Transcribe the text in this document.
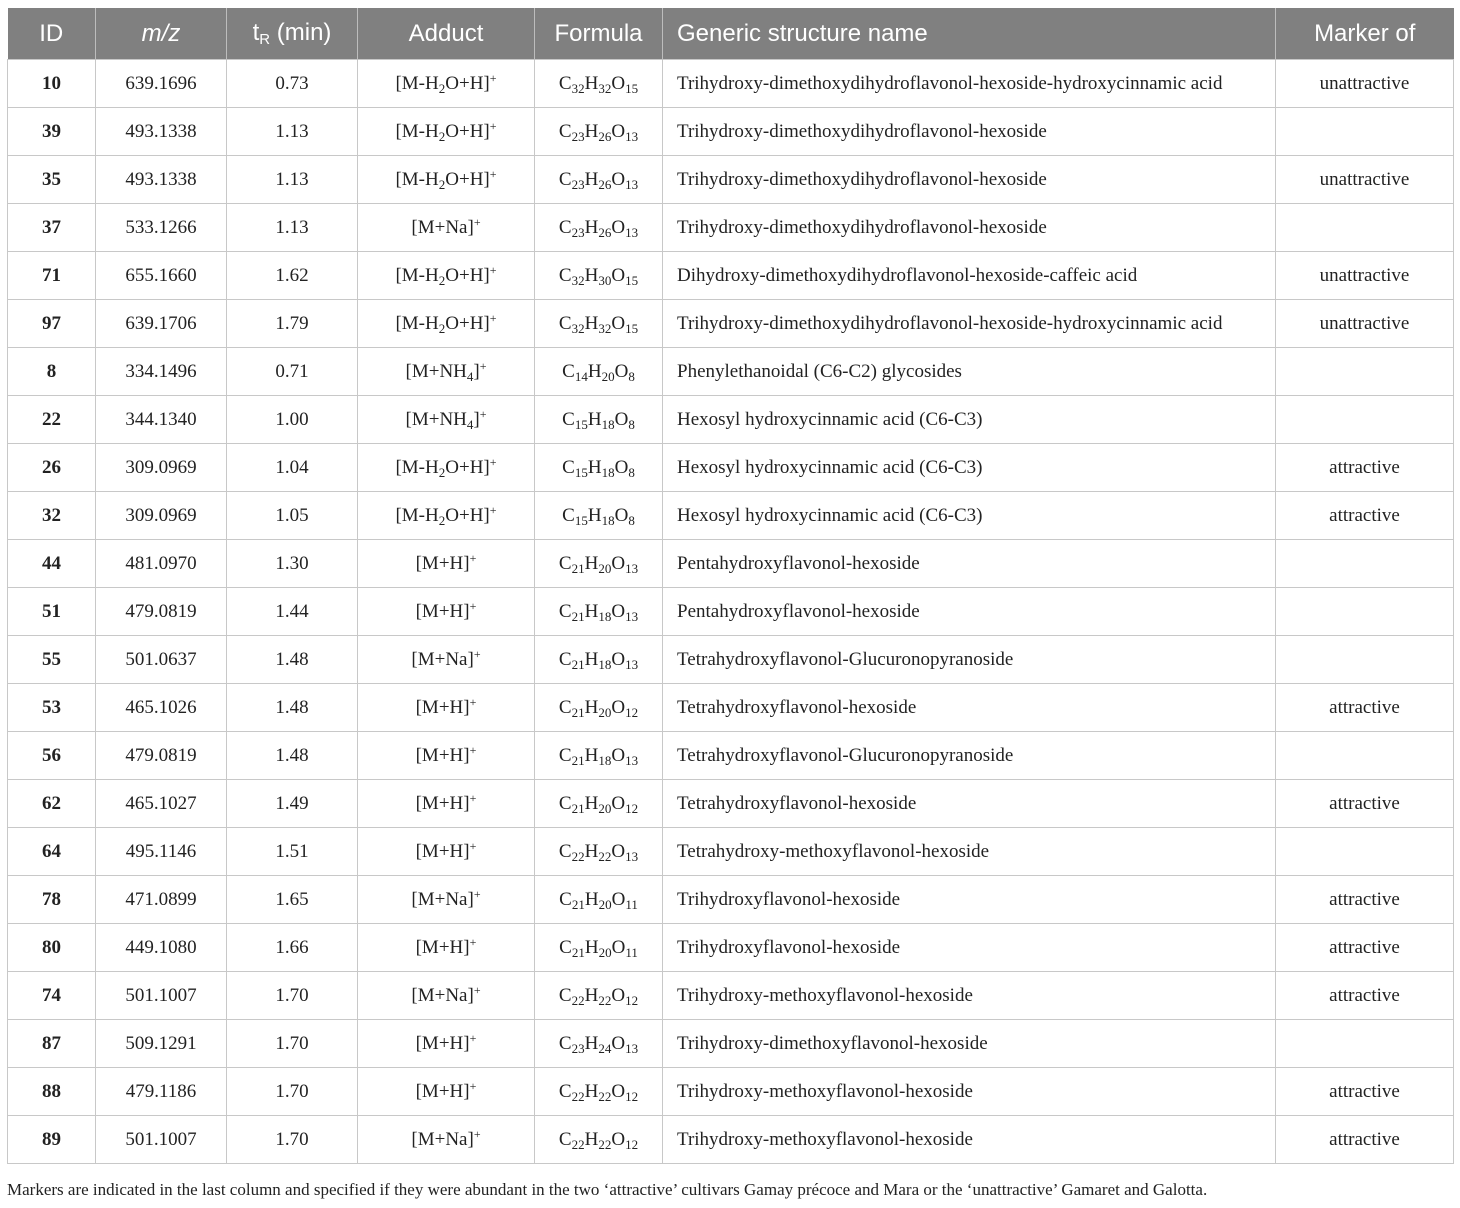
ID	m/z	$t_R$ (min)	Adduct	Formula	Generic structure name	Marker of
10	639.1696	0.73	$[M-H_2O+H]^+$	$C_{32}H_{32}O_{15}$	Trihydroxy-dimethoxydihydroflavonol-hexoside-hydroxycinnamic acid	unattractive
39	493.1338	1.13	$[M-H_2O+H]^+$	$C_{23}H_{26}O_{13}$	Trihydroxy-dimethoxydihydroflavonol-hexoside	
35	493.1338	1.13	$[M-H_2O+H]^+$	$C_{23}H_{26}O_{13}$	Trihydroxy-dimethoxydihydroflavonol-hexoside	unattractive
37	533.1266	1.13	[M+Na]+	$C_{23}H_{26}O_{13}$	Trihydroxy-dimethoxydihydroflavonol-hexoside	
71	655.1660	1.62	$[M-H_2O+H]^+$	$C_{32}H_{30}O_{15}$	Dihydroxy-dimethoxydihydroflavonol-hexoside-caffeic acid	unattractive
97	639.1706	1.79	$[M-H_2O+H]^+$	$C_{32}H_{32}O_{15}$	Trihydroxy-dimethoxydihydroflavonol-hexoside-hydroxycinnamic acid	unattractive
8	334.1496	0.71	$[M+NH_4]^+$	$C_{14}H_{20}O_8$	Phenylethanoidal (C6-C2) glycosides	
22	344.1340	1.00	$[M+NH_4]^+$	$C_{15}H_{18}O_8$	Hexosyl hydroxycinnamic acid (C6-C3)	
26	309.0969	1.04	$[M-H_2O+H]^+$	$C_{15}H_{18}O_8$	Hexosyl hydroxycinnamic acid (C6-C3)	attractive
32	309.0969	1.05	$[M-H_2O+H]^+$	$C_{15}H_{18}O_8$	Hexosyl hydroxycinnamic acid (C6-C3)	attractive
44	481.0970	1.30	[M+H]+	$C_{21}H_{20}O_{13}$	Pentahydroxyflavonol-hexoside	
51	479.0819	1.44	[M+H]+	$C_{21}H_{18}O_{13}$	Pentahydroxyflavonol-hexoside	
55	501.0637	1.48	[M+Na]+	$C_{21}H_{18}O_{13}$	Tetrahydroxyflavonol-Glucuronopyranoside	
53	465.1026	1.48	[M+H]+	$C_{21}H_{20}O_{12}$	Tetrahydroxyflavonol-hexoside	attractive
56	479.0819	1.48	[M+H]+	$C_{21}H_{18}O_{13}$	Tetrahydroxyflavonol-Glucuronopyranoside	
62	465.1027	1.49	[M+H]+	$C_{21}H_{20}O_{12}$	Tetrahydroxyflavonol-hexoside	attractive
64	495.1146	1.51	[M+H]+	$C_{22}H_{22}O_{13}$	Tetrahydroxy-methoxyflavonol-hexoside	
78	471.0899	1.65	[M+Na]+	$C_{21}H_{20}O_{11}$	Trihydroxyflavonol-hexoside	attractive
80	449.1080	1.66	[M+H]+	$C_{21}H_{20}O_{11}$	Trihydroxyflavonol-hexoside	attractive
74	501.1007	1.70	[M+Na]+	$C_{22}H_{22}O_{12}$	Trihydroxy-methoxyflavonol-hexoside	attractive
87	509.1291	1.70	[M+H]+	$C_{23}H_{24}O_{13}$	Trihydroxy-dimethoxyflavonol-hexoside	
88	479.1186	1.70	[M+H]+	$C_{22}H_{22}O_{12}$	Trihydroxy-methoxyflavonol-hexoside	attractive
89	501.1007	1.70	[M+Na]+	$C_{22}H_{22}O_{12}$	Trihydroxy-methoxyflavonol-hexoside	attractive
Markers are indicated in the last column and specified if they were abundant in the two ‘attractive’ cultivars Gamay précoce and Mara or the ‘unattractive’ Gamaret and Galotta.
